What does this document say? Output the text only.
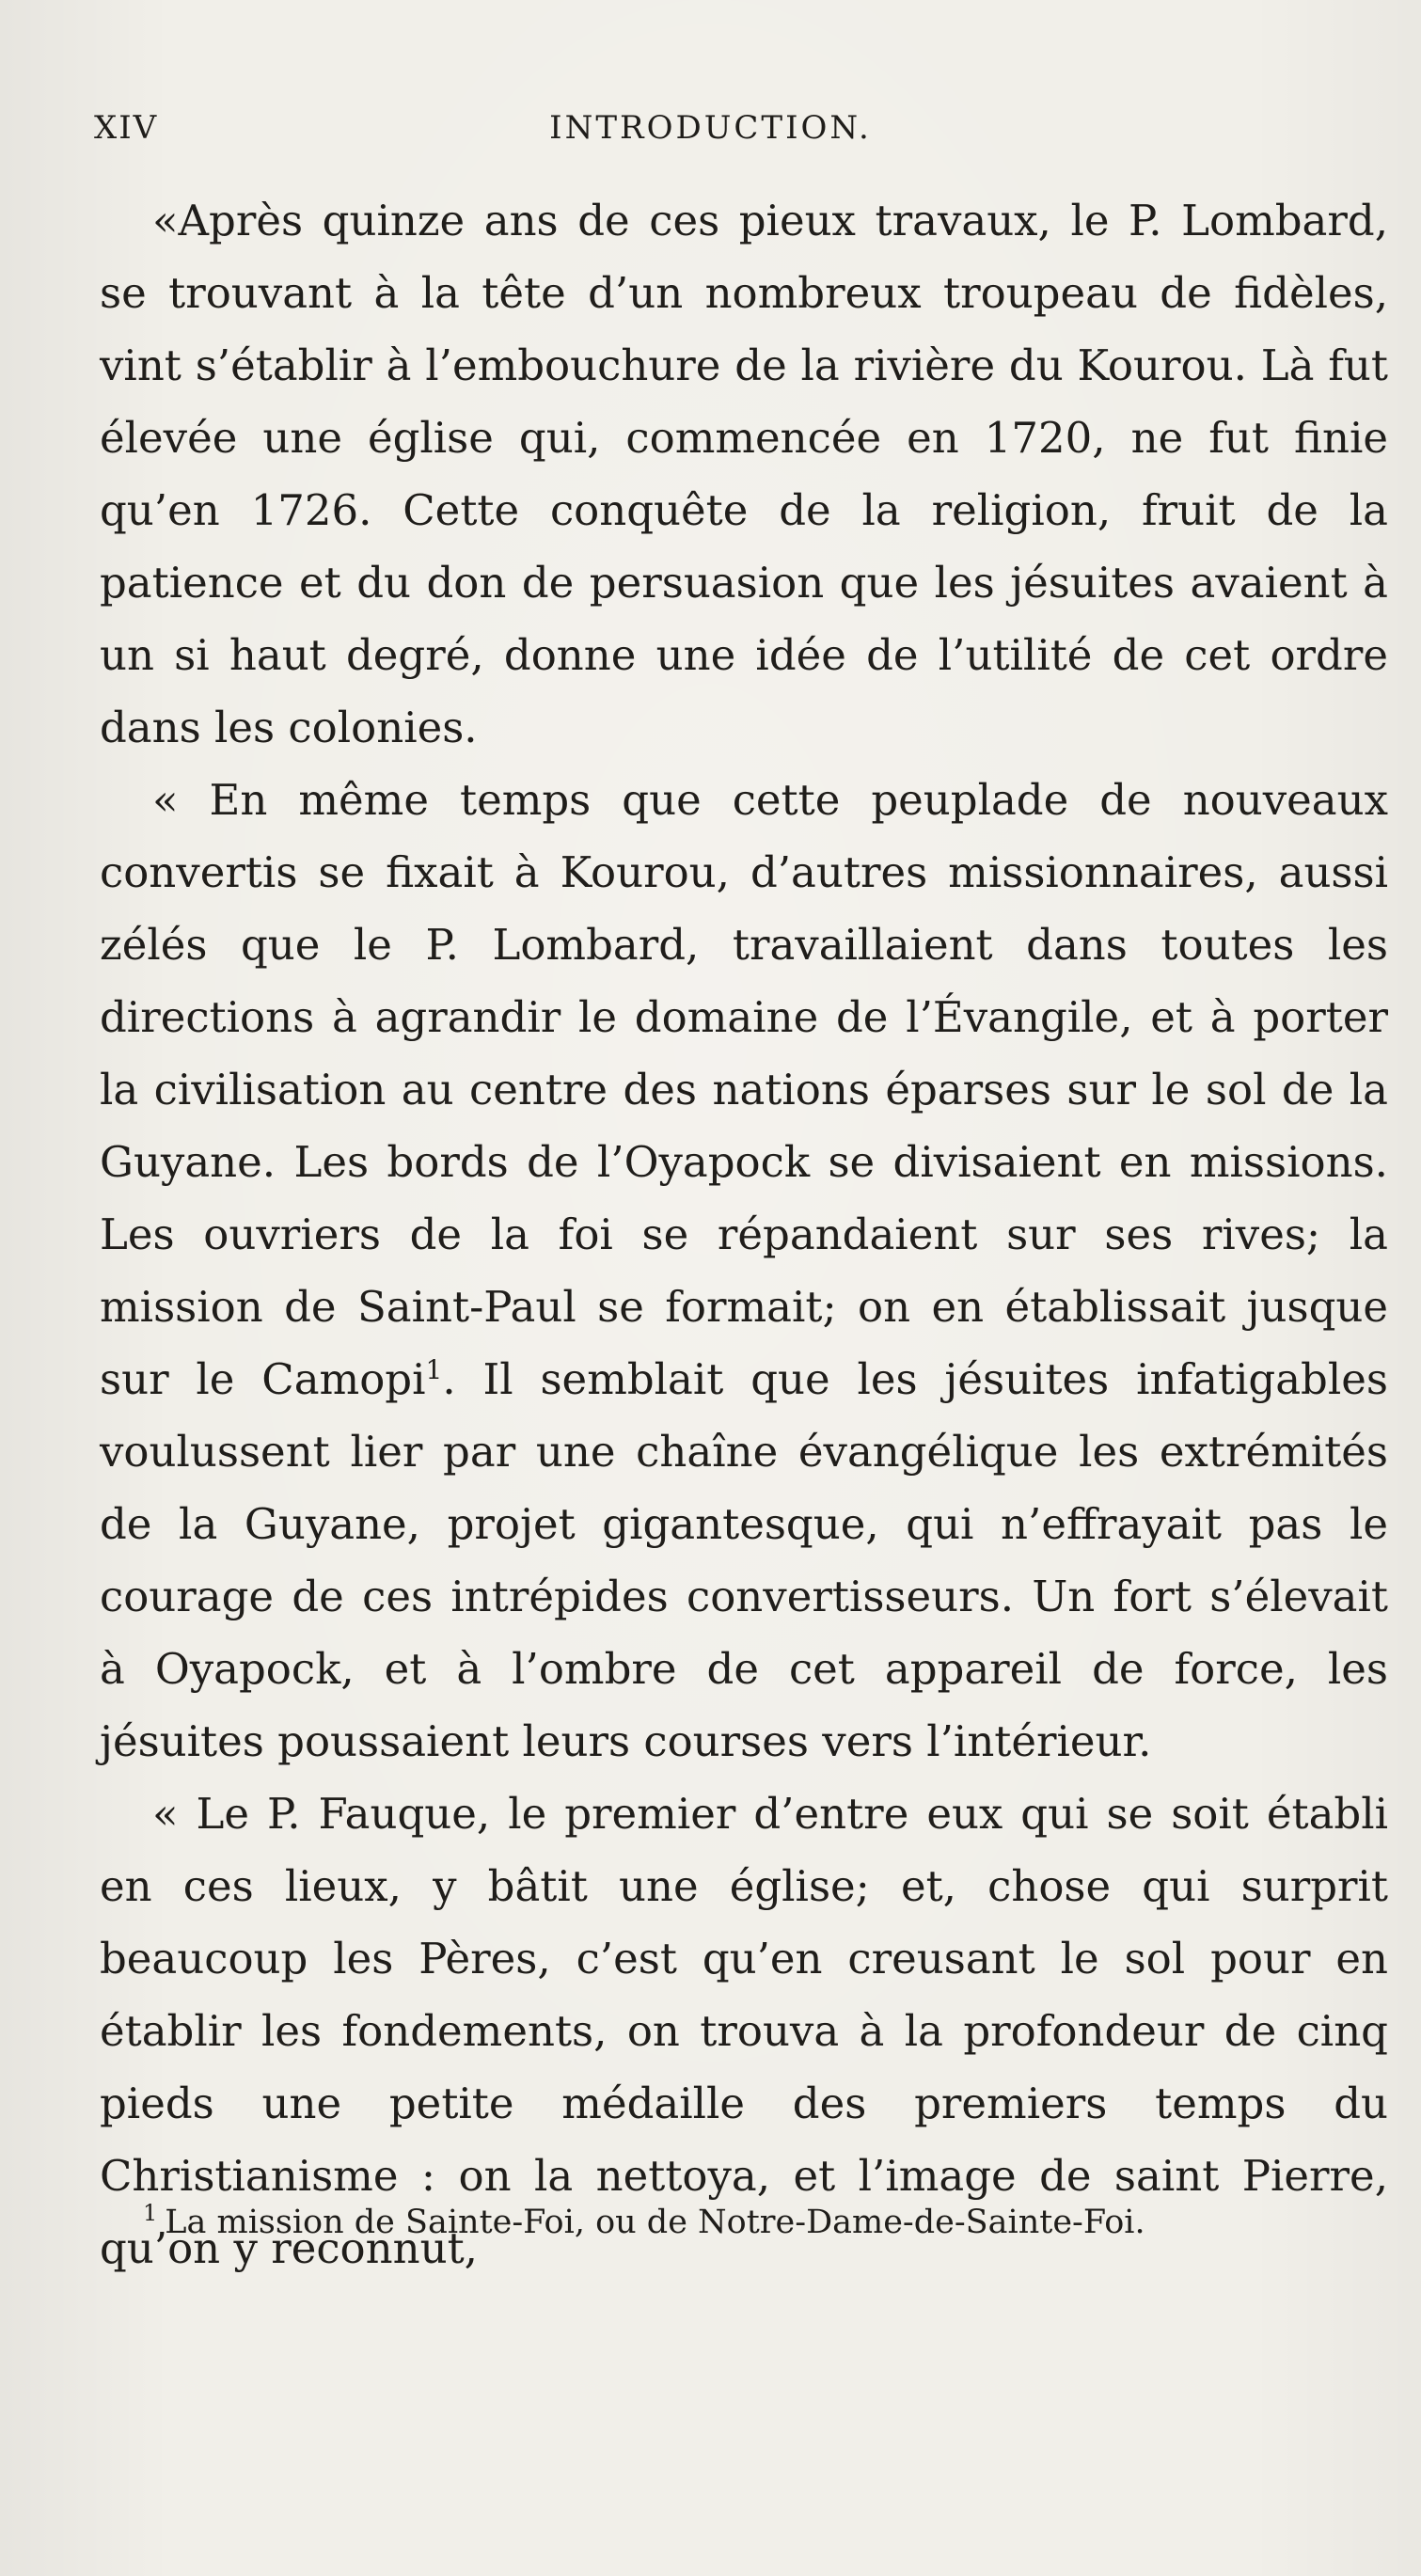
XIV	INTRODUCTION.

«Après quinze ans de ces pieux travaux, le P. Lombard, se trouvant à la tête d’un nombreux troupeau de fidèles, vint s’établir à l’embouchure de la rivière du Kourou. Là fut élevée une église qui, commencée en 1720, ne fut finie qu’en 1726. Cette conquête de la religion, fruit de la patience et du don de persuasion que les jésuites avaient à un si haut degré, donne une idée de l’utilité de cet ordre dans les colonies.

« En même temps que cette peuplade de nouveaux convertis se fixait à Kourou, d’autres missionnaires, aussi zélés que le P. Lombard, travaillaient dans toutes les directions à agrandir le domaine de l’Évangile, et à porter la civilisation au centre des nations éparses sur le sol de la Guyane. Les bords de l’Oyapock se divisaient en missions. Les ouvriers de la foi se répandaient sur ses rives; la mission de Saint-Paul se formait; on en établissait jusque sur le Camopi$^1$. Il semblait que les jésuites infatigables voulussent lier par une chaîne évangélique les extrémités de la Guyane, projet gigantesque, qui n’effrayait pas le courage de ces intrépides convertisseurs. Un fort s’élevait à Oyapock, et à l’ombre de cet appareil de force, les jésuites poussaient leurs courses vers l’intérieur.

« Le P. Fauque, le premier d’entre eux qui se soit établi en ces lieux, y bâtit une église; et, chose qui surprit beaucoup les Pères, c’est qu’en creusant le sol pour en établir les fondements, on trouva à la profondeur de cinq pieds une petite médaille des premiers temps du Christianisme : on la nettoya, et l’image de saint Pierre, qu’on y reconnut,

$^1$ La mission de Sainte-Foi, ou de Notre-Dame-de-Sainte-Foi.
